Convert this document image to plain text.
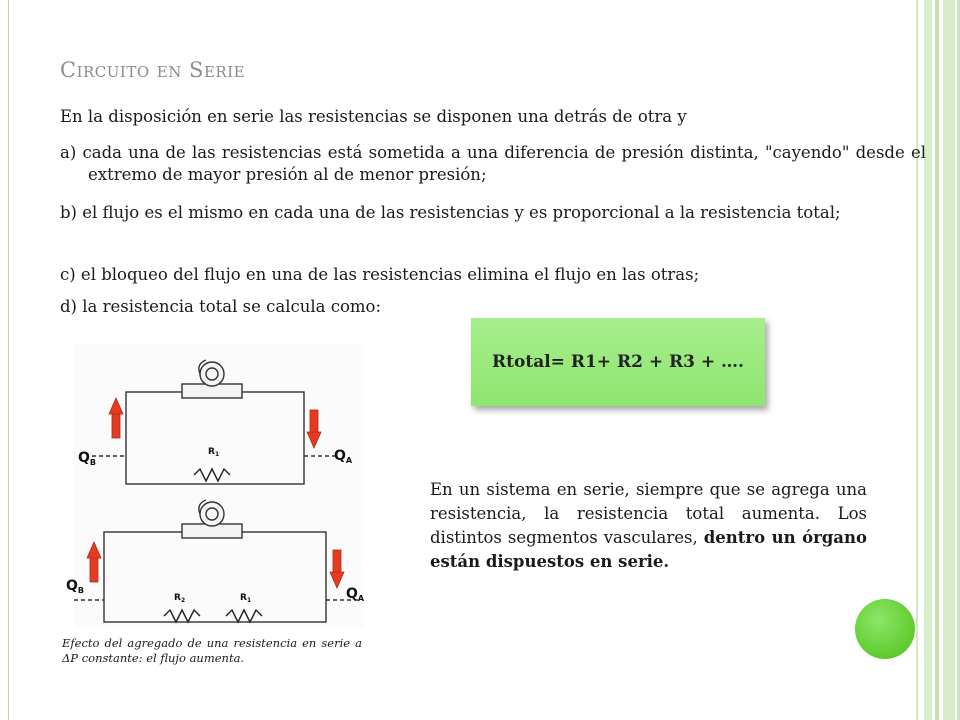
Circuito en Serie
En la disposición en serie las resistencias se disponen una detrás de otra y
a) cada una de las resistencias está sometida a una diferencia de presión distinta, "cayendo" desde el extremo de mayor presión al de menor presión;
b) el flujo es el mismo en cada una de las resistencias y es proporcional a la resistencia total;
c) el bloqueo del flujo en una de las resistencias elimina el flujo en las otras;
d) la resistencia total se calcula como:
Rtotal= R1+ R2 + R3 + ….
$Q_B$	$Q_A$
$R_1$
$Q_B$	$Q_A$
$R_2$	$R_1$
Efecto del agregado de una resistencia en serie a ΔP constante: el flujo aumenta.
En un sistema en serie, siempre que se agrega una resistencia, la resistencia total aumenta. Los distintos segmentos vasculares, dentro un órgano están dispuestos en serie.
